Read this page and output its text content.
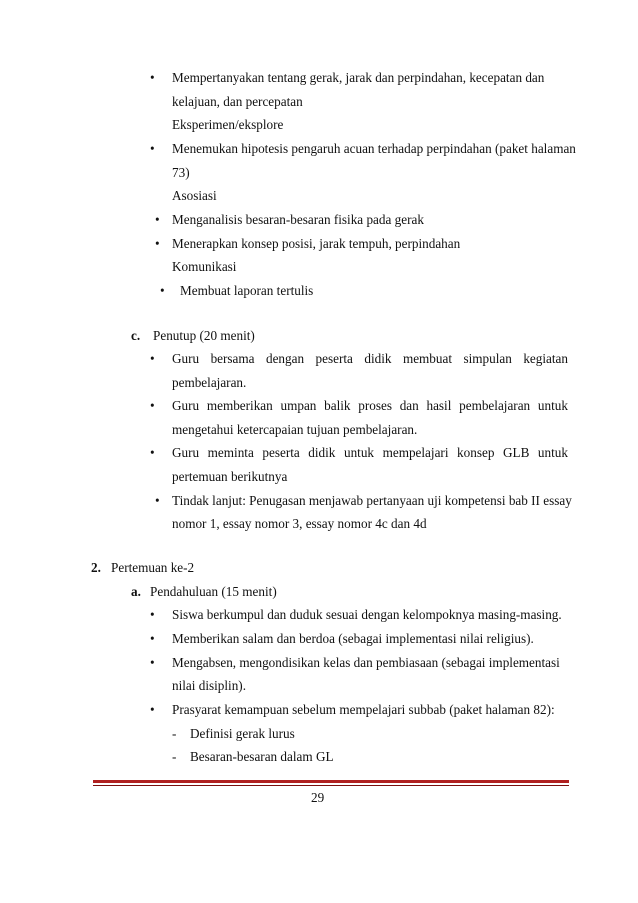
• Mempertanyakan tentang gerak, jarak dan perpindahan, kecepatan dan
kelajuan, dan percepatan
Eksperimen/eksplore
• Menemukan hipotesis pengaruh acuan terhadap perpindahan (paket halaman
73)
Asosiasi
• Menganalisis besaran-besaran fisika pada gerak
• Menerapkan konsep posisi, jarak tempuh, perpindahan
Komunikasi
• Membuat laporan tertulis
c. Penutup (20 menit)
• Guru bersama dengan peserta didik membuat simpulan kegiatan
pembelajaran.
• Guru memberikan umpan balik proses dan hasil pembelajaran untuk
mengetahui ketercapaian tujuan pembelajaran.
• Guru meminta peserta didik untuk mempelajari konsep GLB untuk
pertemuan berikutnya
• Tindak lanjut: Penugasan menjawab pertanyaan uji kompetensi bab II essay
nomor 1, essay nomor 3, essay nomor 4c dan 4d
2. Pertemuan ke-2
a. Pendahuluan (15 menit)
• Siswa berkumpul dan duduk sesuai dengan kelompoknya masing-masing.
• Memberikan salam dan berdoa (sebagai implementasi nilai religius).
• Mengabsen, mengondisikan kelas dan pembiasaan (sebagai implementasi
nilai disiplin).
• Prasyarat kemampuan sebelum mempelajari subbab (paket halaman 82):
- Definisi gerak lurus
- Besaran-besaran dalam GL
29
